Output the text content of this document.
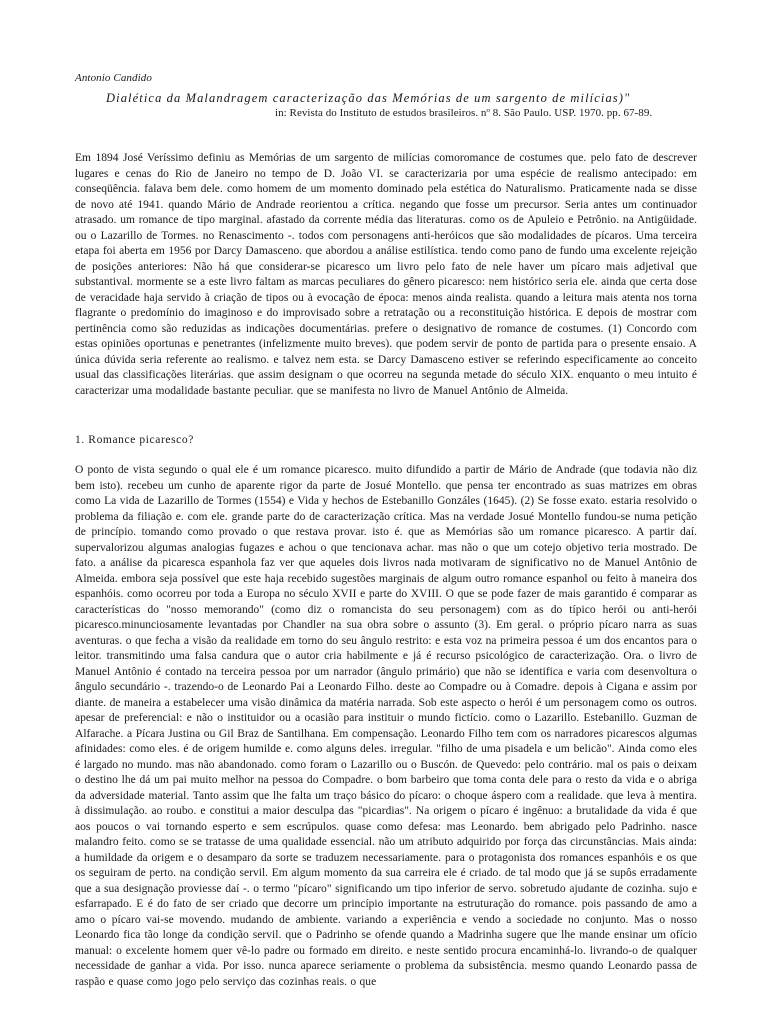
Antonio Candido
Dialética da Malandragem caracterização das Memórias de um sargento de milícias)"
in: Revista do Instituto de estudos brasileiros. nº 8. São Paulo. USP. 1970. pp. 67-89.

Em 1894 José Veríssimo definiu as Memórias de um sargento de milícias comoromance de costumes que. pelo fato de descrever lugares e cenas do Rio de Janeiro no tempo de D. João VI. se caracterizaria por uma espécie de realismo antecipado: em conseqüência. falava bem dele. como homem de um momento dominado pela estética do Naturalismo. Praticamente nada se disse de novo até 1941. quando Mário de Andrade reorientou a crítica. negando que fosse um precursor. Seria antes um continuador atrasado. um romance de tipo marginal. afastado da corrente média das literaturas. como os de Apuleio e Petrônio. na Antigüidade. ou o Lazarillo de Tormes. no Renascimento -. todos com personagens anti-heróicos que são modalidades de pícaros. Uma terceira etapa foi aberta em 1956 por Darcy Damasceno. que abordou a análise estilística. tendo como pano de fundo uma excelente rejeição de posições anteriores: Não há que considerar-se picaresco um livro pelo fato de nele haver um pícaro mais adjetival que substantival. mormente se a este livro faltam as marcas peculiares do gênero picaresco: nem histórico seria ele. ainda que certa dose de veracidade haja servido à criação de tipos ou à evocação de época: menos ainda realista. quando a leitura mais atenta nos torna flagrante o predomínio do imaginoso e do improvisado sobre a retratação ou a reconstituição histórica. E depois de mostrar com pertinência como são reduzidas as indicações documentárias. prefere o designativo de romance de costumes. (1) Concordo com estas opiniões oportunas e penetrantes (infelizmente muito breves). que podem servir de ponto de partida para o presente ensaio. A única dúvida seria referente ao realismo. e talvez nem esta. se Darcy Damasceno estiver se referindo especificamente ao conceito usual das classificações literárias. que assim designam o que ocorreu na segunda metade do século XIX. enquanto o meu intuito é caracterizar uma modalidade bastante peculiar. que se manifesta no livro de Manuel Antônio de Almeida.

1. Romance picaresco?

O ponto de vista segundo o qual ele é um romance picaresco. muito difundido a partir de Mário de Andrade (que todavia não diz bem isto). recebeu um cunho de aparente rigor da parte de Josué Montello. que pensa ter encontrado as suas matrizes em obras como La vida de Lazarillo de Tormes (1554) e Vida y hechos de Estebanillo Gonzáles (1645). (2) Se fosse exato. estaria resolvido o problema da filiação e. com ele. grande parte do de caracterização crítica. Mas na verdade Josué Montello fundou-se numa petição de princípio. tomando como provado o que restava provar. isto é. que as Memórias são um romance picaresco. A partir daí. supervalorizou algumas analogias fugazes e achou o que tencionava achar. mas não o que um cotejo objetivo teria mostrado. De fato. a análise da picaresca espanhola faz ver que aqueles dois livros nada motivaram de significativo no de Manuel Antônio de Almeida. embora seja possível que este haja recebido sugestões marginais de algum outro romance espanhol ou feito à maneira dos espanhóis. como ocorreu por toda a Europa no século XVII e parte do XVIII. O que se pode fazer de mais garantido é comparar as características do "nosso memorando" (como diz o romancista do seu personagem) com as do típico herói ou anti-herói picaresco.minunciosamente levantadas por Chandler na sua obra sobre o assunto (3). Em geral. o próprio pícaro narra as suas aventuras. o que fecha a visão da realidade em torno do seu ângulo restrito: e esta voz na primeira pessoa é um dos encantos para o leitor. transmitindo uma falsa candura que o autor cria habilmente e já é recurso psicológico de caracterização. Ora. o livro de Manuel Antônio é contado na terceira pessoa por um narrador (ângulo primário) que não se identifica e varia com desenvoltura o ângulo secundário -. trazendo-o de Leonardo Pai a Leonardo Filho. deste ao Compadre ou à Comadre. depois à Cigana e assim por diante. de maneira a estabelecer uma visão dinâmica da matéria narrada. Sob este aspecto o herói é um personagem como os outros. apesar de preferencial: e não o instituidor ou a ocasião para instituir o mundo fictício. como o Lazarillo. Estebanillo. Guzman de Alfarache. a Pícara Justina ou Gil Braz de Santilhana. Em compensação. Leonardo Filho tem com os narradores picarescos algumas afinidades: como eles. é de origem humilde e. como alguns deles. irregular. "filho de uma pisadela e um belicão". Ainda como eles é largado no mundo. mas não abandonado. como foram o Lazarillo ou o Buscón. de Quevedo: pelo contrário. mal os pais o deixam o destino lhe dá um pai muito melhor na pessoa do Compadre. o bom barbeiro que toma conta dele para o resto da vida e o abriga da adversidade material. Tanto assim que lhe falta um traço básico do pícaro: o choque áspero com a realidade. que leva à mentira. à dissimulação. ao roubo. e constitui a maior desculpa das "picardias". Na origem o pícaro é ingênuo: a brutalidade da vida é que aos poucos o vai tornando esperto e sem escrúpulos. quase como defesa: mas Leonardo. bem abrigado pelo Padrinho. nasce malandro feito. como se se tratasse de uma qualidade essencial. não um atributo adquirido por força das circunstâncias. Mais ainda: a humildade da origem e o desamparo da sorte se traduzem necessariamente. para o protagonista dos romances espanhóis e os que os seguiram de perto. na condição servil. Em algum momento da sua carreira ele é criado. de tal modo que já se supôs erradamente que a sua designação proviesse daí -. o termo "pícaro" significando um tipo inferior de servo. sobretudo ajudante de cozinha. sujo e esfarrapado. E é do fato de ser criado que decorre um princípio importante na estruturação do romance. pois passando de amo a amo o pícaro vai-se movendo. mudando de ambiente. variando a experiência e vendo a sociedade no conjunto. Mas o nosso Leonardo fica tão longe da condição servil. que o Padrinho se ofende quando a Madrinha sugere que lhe mande ensinar um ofício manual: o excelente homem quer vê-lo padre ou formado em direito. e neste sentido procura encaminhá-lo. livrando-o de qualquer necessidade de ganhar a vida. Por isso. nunca aparece seriamente o problema da subsistência. mesmo quando Leonardo passa de raspão e quase como jogo pelo serviço das cozinhas reais. o que
